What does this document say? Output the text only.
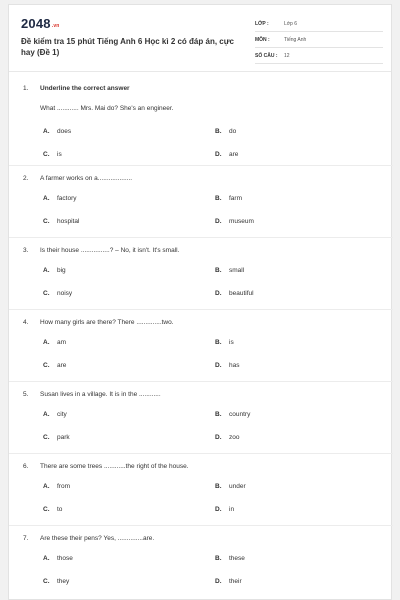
2048.vn
Đề kiểm tra 15 phút Tiếng Anh 6 Học kì 2 có đáp án, cực hay (Đề 1)
LỚP :	Lớp 6
MÔN :	Tiếng Anh
SỐ CÂU : 12
1. Underline the correct answer
What ............ Mrs. Mai do? She's an engineer.
A. does	B. do
C. is	D. are
2. A farmer works on a...................
A. factory	B. farm
C. hospital	D. museum
3. Is their house ................? – No, it isn't. It's small.
A. big	B. small
C. noisy	D. beautiful
4. How many girls are there? There ..............two.
A. am	B. is
C. are	D. has
5. Susan lives in a village. It is in the ............
A. city	B. country
C. park	D. zoo
6. There are some trees ............the right of the house.
A. from	B. under
C. to	D. in
7. Are these their pens? Yes, ..............are.
A. those	B. these
C. they	D. their
